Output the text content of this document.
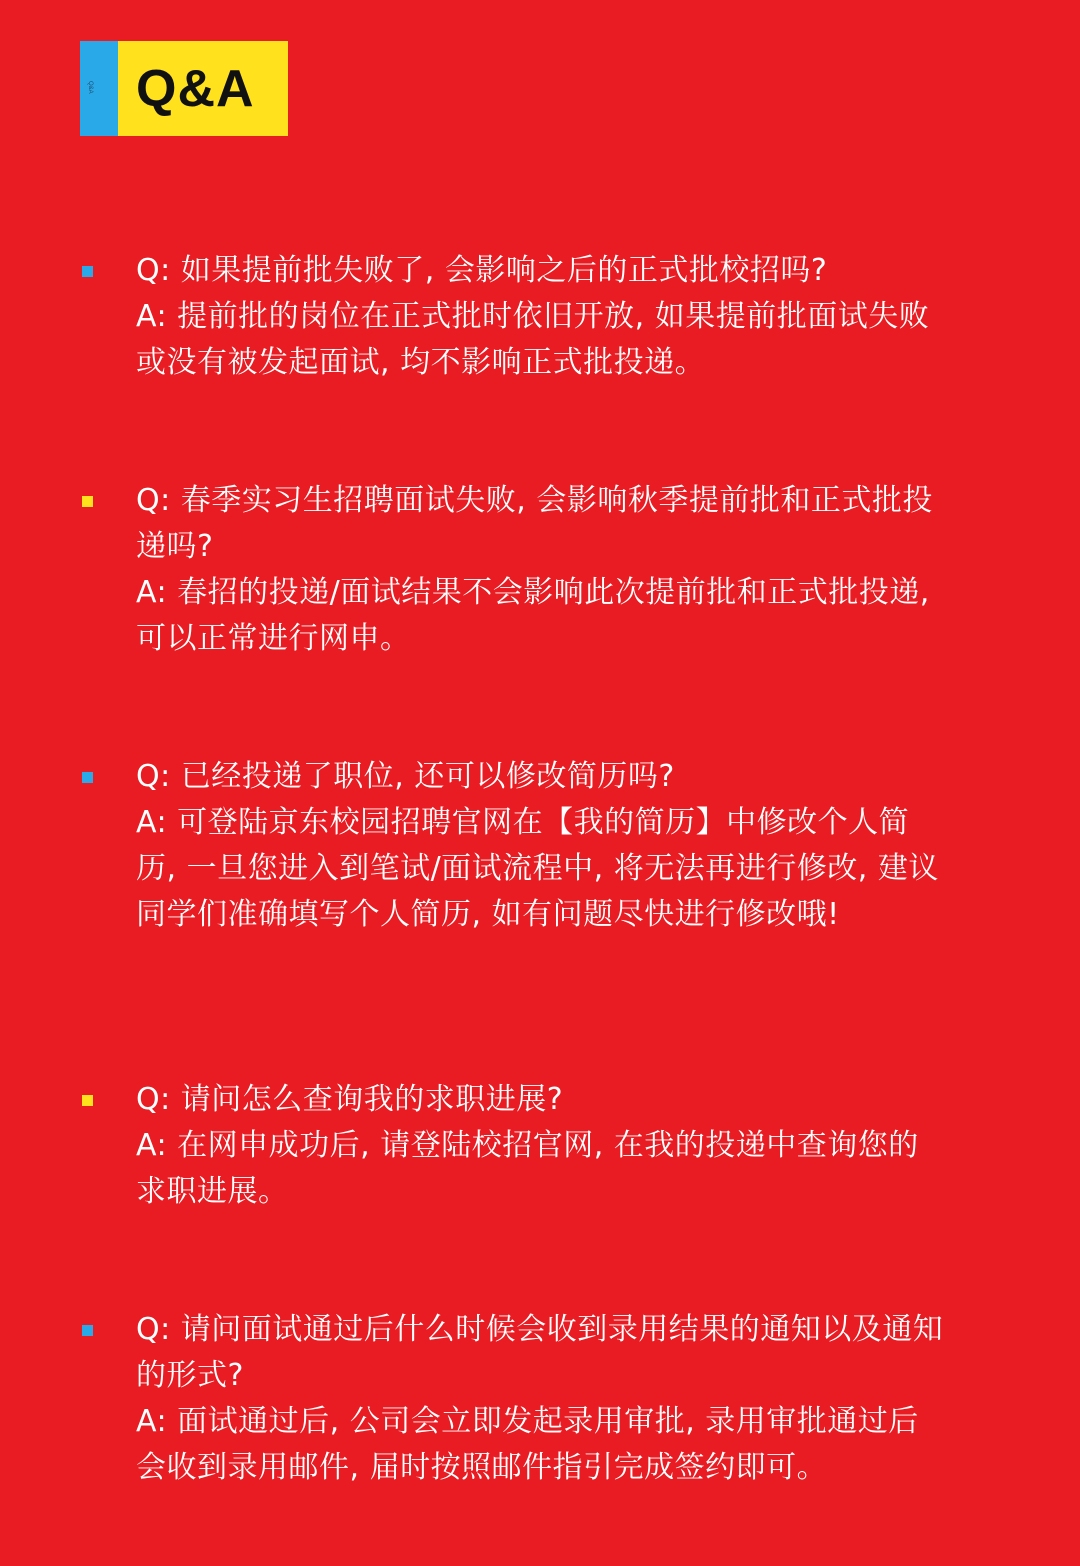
Q&A Q&A

Q: 如果提前批失败了, 会影响之后的正式批校招吗?

A: 提前批的岗位在正式批时依旧开放, 如果提前批面试失败或没有被发起面试, 均不影响正式批投递。

Q: 春季实习生招聘面试失败, 会影响秋季提前批和正式批投递吗?

A: 春招的投递/面试结果不会影响此次提前批和正式批投递, 可以正常进行网申。

Q: 已经投递了职位, 还可以修改简历吗?

A: 可登陆京东校园招聘官网在【我的简历】中修改个人简历, 一旦您进入到笔试/面试流程中, 将无法再进行修改, 建议同学们准确填写个人简历, 如有问题尽快进行修改哦!

Q: 请问怎么查询我的求职进展?

A: 在网申成功后, 请登陆校招官网, 在我的投递中查询您的求职进展。

Q: 请问面试通过后什么时候会收到录用结果的通知以及通知的形式?

A: 面试通过后, 公司会立即发起录用审批, 录用审批通过后会收到录用邮件, 届时按照邮件指引完成签约即可。
